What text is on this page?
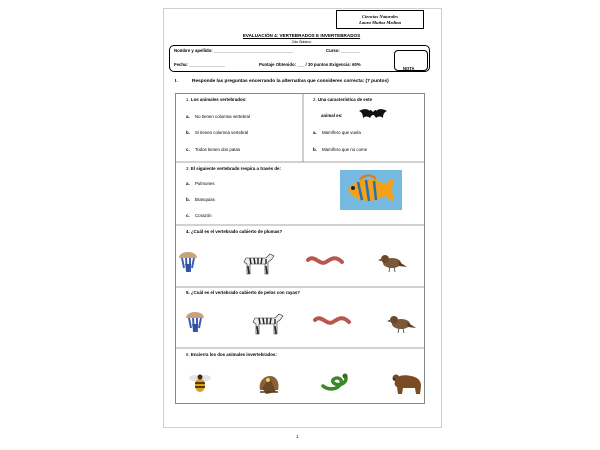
Ciencias Naturales
Laura Muñoz Medina
EVALUACIÓN 4: VERTEBRADOS E INVERTEBRADOS
2do Básico
Nombre y apellido: _________________________________	Curso: ________
Fecha: _______________	Puntaje Obtenido: ___ / 30 puntos Exigencia: 60%
NOTA
I.	Responde las preguntas encerrando la alternativa que consideres correcta: (7 puntos)
1. Los animales vertebrados:
a. No tienen columna vertebral
b. Si tienen columna vertebral
c. Todos tienen dos patas
2. Una característica de este
animal es:
a. Mamífero que vuela
b. Mamífero que no come
3. El siguiente vertebrado respira a través de:
a. Pulmones
b. Branquias
c. Corazón
4. ¿Cuál es el vertebrado cubierto de plumas?
5. ¿Cuál es el vertebrado cubierto de pelos con rayas?
6. Encierra los dos animales invertebrados:
1
